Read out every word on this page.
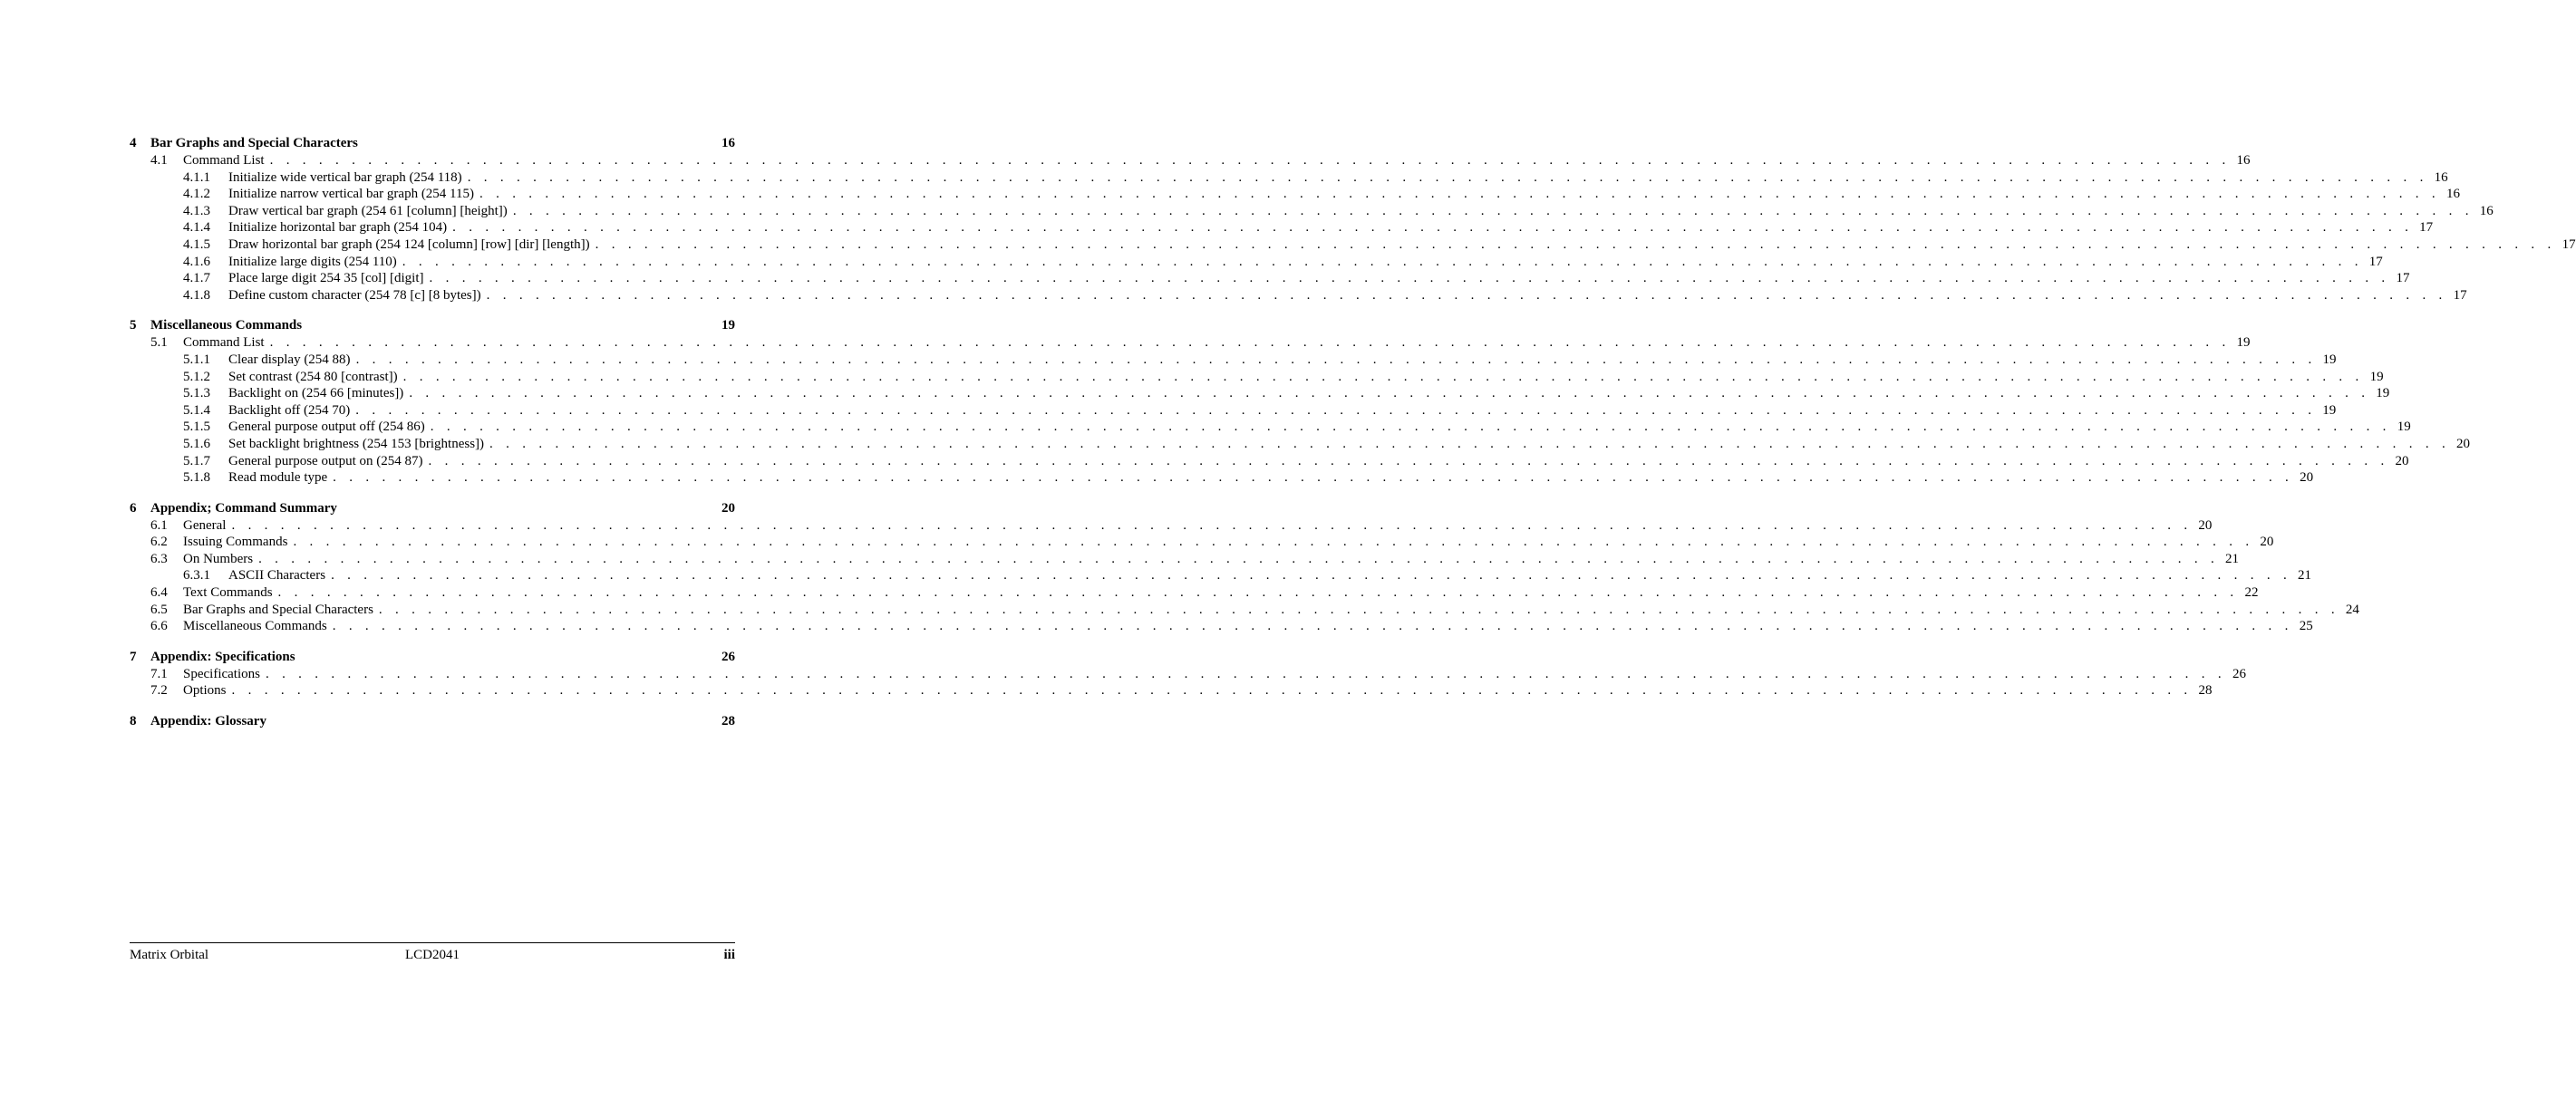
4	Bar Graphs and Special Characters	16
4.1	Command List . . . . . . . . . . . . . . . . . . . . . . . . . . . . . . . . . . . . . . . . . . . . . . . . . . . . . . . . . . . . . . . . . . . . . . . . . . . . . . . . . . . . . . . . . . . . . . . . . . . . . . . . . . . . . . . . . . . . . . . . 16
4.1.1	Initialize wide vertical bar graph (254 118) . . . . . . . . . . . . . . . . . . . . . . . . . . . . . . . . . . . . . . . . . . . . . . . . . . . . . . . . . . . . . . . . . . . . . . . . . . . . . . . . . . . . . . . . . . . . . . . . . . . . . . . . . . . . . . . . . . . . . . . . 16
4.1.2	Initialize narrow vertical bar graph (254 115) . . . . . . . . . . . . . . . . . . . . . . . . . . . . . . . . . . . . . . . . . . . . . . . . . . . . . . . . . . . . . . . . . . . . . . . . . . . . . . . . . . . . . . . . . . . . . . . . . . . . . . . . . . . . . . . . . . . . . . . . 16
4.1.3	Draw vertical bar graph (254 61 [column] [height]) . . . . . . . . . . . . . . . . . . . . . . . . . . . . . . . . . . . . . . . . . . . . . . . . . . . . . . . . . . . . . . . . . . . . . . . . . . . . . . . . . . . . . . . . . . . . . . . . . . . . . . . . . . . . . . . . . . . . . . . . 16
4.1.4	Initialize horizontal bar graph (254 104) . . . . . . . . . . . . . . . . . . . . . . . . . . . . . . . . . . . . . . . . . . . . . . . . . . . . . . . . . . . . . . . . . . . . . . . . . . . . . . . . . . . . . . . . . . . . . . . . . . . . . . . . . . . . . . . . . . . . . . . . 17
4.1.5	Draw horizontal bar graph (254 124 [column] [row] [dir] [length]) . . . . . . . . . . . . . . . . . . . . . . . . . . . . . . . . . . . . . . . . . . . . . . . . . . . . . . . . . . . . . . . . . . . . . . . . . . . . . . . . . . . . . . . . . . . . . . . . . . . . . . . . . . . . . . . . . . . . . . . . 17
4.1.6	Initialize large digits (254 110) . . . . . . . . . . . . . . . . . . . . . . . . . . . . . . . . . . . . . . . . . . . . . . . . . . . . . . . . . . . . . . . . . . . . . . . . . . . . . . . . . . . . . . . . . . . . . . . . . . . . . . . . . . . . . . . . . . . . . . . . 17
4.1.7	Place large digit 254 35 [col] [digit] . . . . . . . . . . . . . . . . . . . . . . . . . . . . . . . . . . . . . . . . . . . . . . . . . . . . . . . . . . . . . . . . . . . . . . . . . . . . . . . . . . . . . . . . . . . . . . . . . . . . . . . . . . . . . . . . . . . . . . . . 17
4.1.8	Define custom character (254 78 [c] [8 bytes]) . . . . . . . . . . . . . . . . . . . . . . . . . . . . . . . . . . . . . . . . . . . . . . . . . . . . . . . . . . . . . . . . . . . . . . . . . . . . . . . . . . . . . . . . . . . . . . . . . . . . . . . . . . . . . . . . . . . . . . . . 17
5	Miscellaneous Commands	19
5.1	Command List . . . . . . . . . . . . . . . . . . . . . . . . . . . . . . . . . . . . . . . . . . . . . . . . . . . . . . . . . . . . . . . . . . . . . . . . . . . . . . . . . . . . . . . . . . . . . . . . . . . . . . . . . . . . . . . . . . . . . . . . 19
5.1.1	Clear display (254 88) . . . . . . . . . . . . . . . . . . . . . . . . . . . . . . . . . . . . . . . . . . . . . . . . . . . . . . . . . . . . . . . . . . . . . . . . . . . . . . . . . . . . . . . . . . . . . . . . . . . . . . . . . . . . . . . . . . . . . . . . 19
5.1.2	Set contrast (254 80 [contrast]) . . . . . . . . . . . . . . . . . . . . . . . . . . . . . . . . . . . . . . . . . . . . . . . . . . . . . . . . . . . . . . . . . . . . . . . . . . . . . . . . . . . . . . . . . . . . . . . . . . . . . . . . . . . . . . . . . . . . . . . . 19
5.1.3	Backlight on (254 66 [minutes]) . . . . . . . . . . . . . . . . . . . . . . . . . . . . . . . . . . . . . . . . . . . . . . . . . . . . . . . . . . . . . . . . . . . . . . . . . . . . . . . . . . . . . . . . . . . . . . . . . . . . . . . . . . . . . . . . . . . . . . . . 19
5.1.4	Backlight off (254 70) . . . . . . . . . . . . . . . . . . . . . . . . . . . . . . . . . . . . . . . . . . . . . . . . . . . . . . . . . . . . . . . . . . . . . . . . . . . . . . . . . . . . . . . . . . . . . . . . . . . . . . . . . . . . . . . . . . . . . . . . 19
5.1.5	General purpose output off (254 86) . . . . . . . . . . . . . . . . . . . . . . . . . . . . . . . . . . . . . . . . . . . . . . . . . . . . . . . . . . . . . . . . . . . . . . . . . . . . . . . . . . . . . . . . . . . . . . . . . . . . . . . . . . . . . . . . . . . . . . . . 19
5.1.6	Set backlight brightness (254 153 [brightness]) . . . . . . . . . . . . . . . . . . . . . . . . . . . . . . . . . . . . . . . . . . . . . . . . . . . . . . . . . . . . . . . . . . . . . . . . . . . . . . . . . . . . . . . . . . . . . . . . . . . . . . . . . . . . . . . . . . . . . . . . 20
5.1.7	General purpose output on (254 87) . . . . . . . . . . . . . . . . . . . . . . . . . . . . . . . . . . . . . . . . . . . . . . . . . . . . . . . . . . . . . . . . . . . . . . . . . . . . . . . . . . . . . . . . . . . . . . . . . . . . . . . . . . . . . . . . . . . . . . . . 20
5.1.8	Read module type . . . . . . . . . . . . . . . . . . . . . . . . . . . . . . . . . . . . . . . . . . . . . . . . . . . . . . . . . . . . . . . . . . . . . . . . . . . . . . . . . . . . . . . . . . . . . . . . . . . . . . . . . . . . . . . . . . . . . . . . 20
6	Appendix; Command Summary	20
6.1	General . . . . . . . . . . . . . . . . . . . . . . . . . . . . . . . . . . . . . . . . . . . . . . . . . . . . . . . . . . . . . . . . . . . . . . . . . . . . . . . . . . . . . . . . . . . . . . . . . . . . . . . . . . . . . . . . . . . . . . . . 20
6.2	Issuing Commands . . . . . . . . . . . . . . . . . . . . . . . . . . . . . . . . . . . . . . . . . . . . . . . . . . . . . . . . . . . . . . . . . . . . . . . . . . . . . . . . . . . . . . . . . . . . . . . . . . . . . . . . . . . . . . . . . . . . . . . . 20
6.3	On Numbers . . . . . . . . . . . . . . . . . . . . . . . . . . . . . . . . . . . . . . . . . . . . . . . . . . . . . . . . . . . . . . . . . . . . . . . . . . . . . . . . . . . . . . . . . . . . . . . . . . . . . . . . . . . . . . . . . . . . . . . . 21
6.3.1	ASCII Characters . . . . . . . . . . . . . . . . . . . . . . . . . . . . . . . . . . . . . . . . . . . . . . . . . . . . . . . . . . . . . . . . . . . . . . . . . . . . . . . . . . . . . . . . . . . . . . . . . . . . . . . . . . . . . . . . . . . . . . . . 21
6.4	Text Commands . . . . . . . . . . . . . . . . . . . . . . . . . . . . . . . . . . . . . . . . . . . . . . . . . . . . . . . . . . . . . . . . . . . . . . . . . . . . . . . . . . . . . . . . . . . . . . . . . . . . . . . . . . . . . . . . . . . . . . . . 22
6.5	Bar Graphs and Special Characters . . . . . . . . . . . . . . . . . . . . . . . . . . . . . . . . . . . . . . . . . . . . . . . . . . . . . . . . . . . . . . . . . . . . . . . . . . . . . . . . . . . . . . . . . . . . . . . . . . . . . . . . . . . . . . . . . . . . . . . . 24
6.6	Miscellaneous Commands . . . . . . . . . . . . . . . . . . . . . . . . . . . . . . . . . . . . . . . . . . . . . . . . . . . . . . . . . . . . . . . . . . . . . . . . . . . . . . . . . . . . . . . . . . . . . . . . . . . . . . . . . . . . . . . . . . . . . . . . 25
7	Appendix: Specifications	26
7.1	Specifications . . . . . . . . . . . . . . . . . . . . . . . . . . . . . . . . . . . . . . . . . . . . . . . . . . . . . . . . . . . . . . . . . . . . . . . . . . . . . . . . . . . . . . . . . . . . . . . . . . . . . . . . . . . . . . . . . . . . . . . . 26
7.2	Options . . . . . . . . . . . . . . . . . . . . . . . . . . . . . . . . . . . . . . . . . . . . . . . . . . . . . . . . . . . . . . . . . . . . . . . . . . . . . . . . . . . . . . . . . . . . . . . . . . . . . . . . . . . . . . . . . . . . . . . . 28
8	Appendix: Glossary	28
Matrix Orbital	LCD2041	iii
